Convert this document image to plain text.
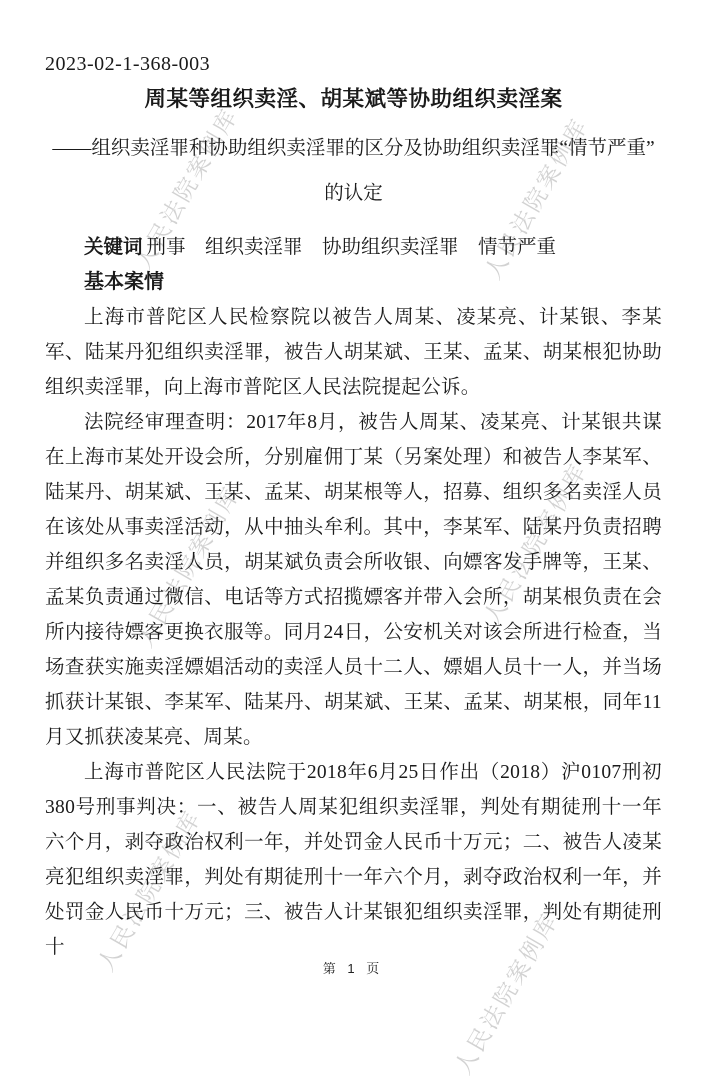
人民法院案例库	人民法院案例库
人民法院案例库	人民法院案例库
人民法院案例库
人民法院案例库
2023-02-1-368-003
周某等组织卖淫、胡某斌等协助组织卖淫案
——组织卖淫罪和协助组织卖淫罪的区分及协助组织卖淫罪“情节严重”的认定
关键词 刑事　组织卖淫罪　协助组织卖淫罪　情节严重
基本案情

上海市普陀区人民检察院以被告人周某、凌某亮、计某银、李某军、陆某丹犯组织卖淫罪，被告人胡某斌、王某、孟某、胡某根犯协助组织卖淫罪，向上海市普陀区人民法院提起公诉。

法院经审理查明：2017年8月，被告人周某、凌某亮、计某银共谋在上海市某处开设会所，分别雇佣丁某（另案处理）和被告人李某军、陆某丹、胡某斌、王某、孟某、胡某根等人，招募、组织多名卖淫人员在该处从事卖淫活动，从中抽头牟利。其中，李某军、陆某丹负责招聘并组织多名卖淫人员，胡某斌负责会所收银、向嫖客发手牌等，王某、孟某负责通过微信、电话等方式招揽嫖客并带入会所，胡某根负责在会所内接待嫖客更换衣服等。同月24日，公安机关对该会所进行检查，当场查获实施卖淫嫖娼活动的卖淫人员十二人、嫖娼人员十一人，并当场抓获计某银、李某军、陆某丹、胡某斌、王某、孟某、胡某根，同年11月又抓获凌某亮、周某。

上海市普陀区人民法院于2018年6月25日作出（2018）沪0107刑初380号刑事判决：一、被告人周某犯组织卖淫罪，判处有期徒刑十一年六个月，剥夺政治权利一年，并处罚金人民币十万元；二、被告人凌某亮犯组织卖淫罪，判处有期徒刑十一年六个月，剥夺政治权利一年，并处罚金人民币十万元；三、被告人计某银犯组织卖淫罪，判处有期徒刑十

第 1 页
